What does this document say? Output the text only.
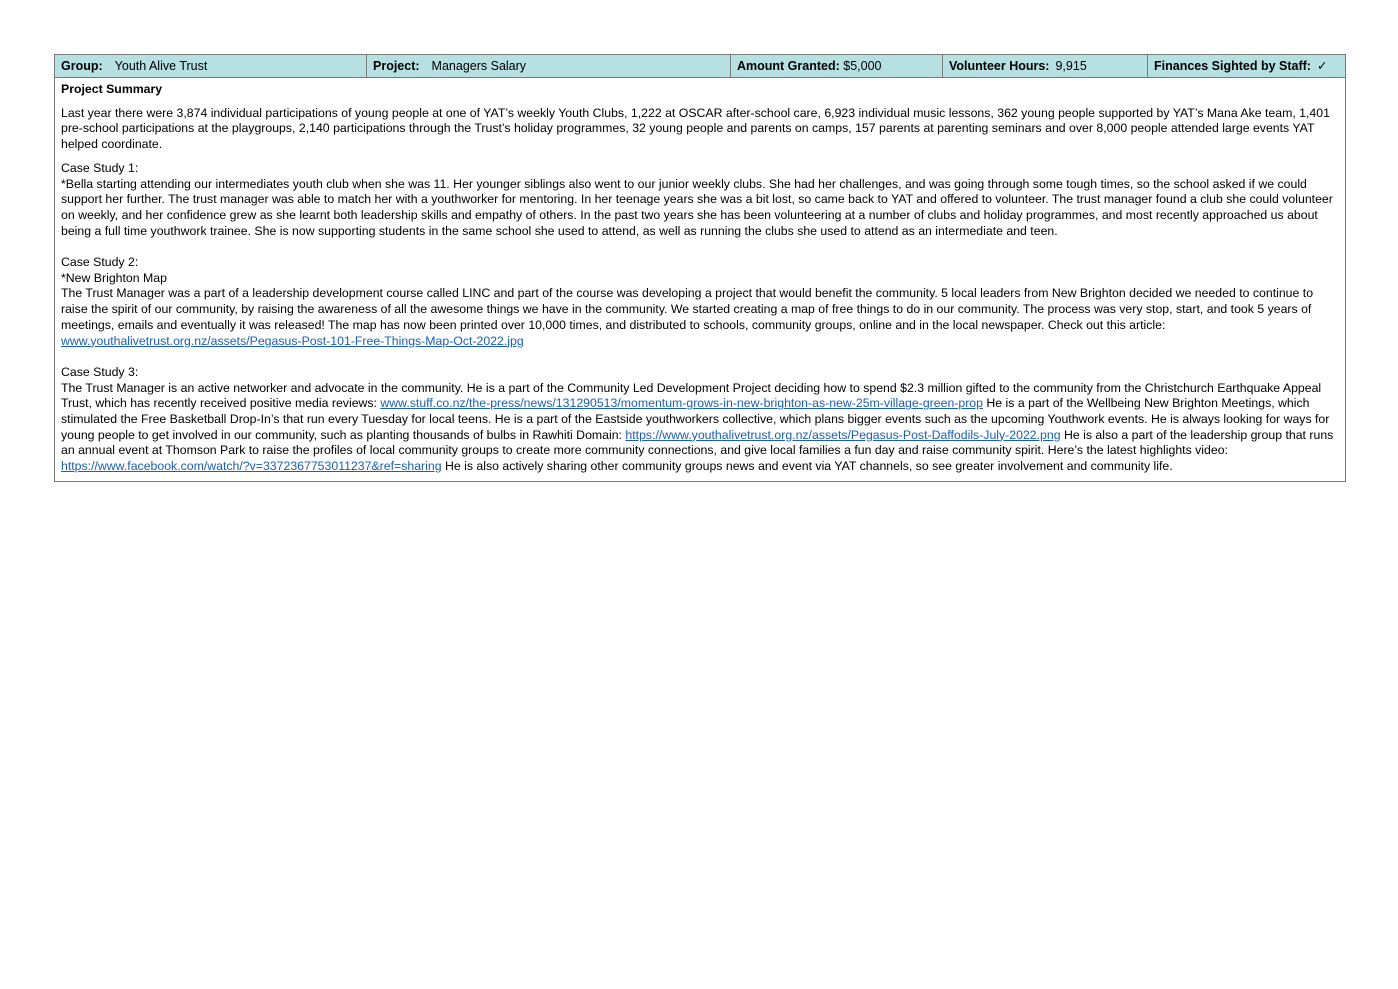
Group: Youth Alive Trust	Project: Managers Salary	Amount Granted: $5,000	Volunteer Hours: 9,915	Finances Sighted by Staff: ✓
Project Summary

Last year there were 3,874 individual participations of young people at one of YAT’s weekly Youth Clubs, 1,222 at OSCAR after-school care, 6,923 individual music lessons, 362 young people supported by YAT’s Mana Ake team, 1,401 pre-school participations at the playgroups, 2,140 participations through the Trust’s holiday programmes, 32 young people and parents on camps, 157 parents at parenting seminars and over 8,000 people attended large events YAT helped coordinate.

Case Study 1:

*Bella starting attending our intermediates youth club when she was 11. Her younger siblings also went to our junior weekly clubs. She had her challenges, and was going through some tough times, so the school asked if we could support her further. The trust manager was able to match her with a youthworker for mentoring. In her teenage years she was a bit lost, so came back to YAT and offered to volunteer. The trust manager found a club she could volunteer on weekly, and her confidence grew as she learnt both leadership skills and empathy of others. In the past two years she has been volunteering at a number of clubs and holiday programmes, and most recently approached us about being a full time youthwork trainee. She is now supporting students in the same school she used to attend, as well as running the clubs she used to attend as an intermediate and teen.

Case Study 2:

*New Brighton Map

The Trust Manager was a part of a leadership development course called LINC and part of the course was developing a project that would benefit the community. 5 local leaders from New Brighton decided we needed to continue to raise the spirit of our community, by raising the awareness of all the awesome things we have in the community. We started creating a map of free things to do in our community. The process was very stop, start, and took 5 years of meetings, emails and eventually it was released! The map has now been printed over 10,000 times, and distributed to schools, community groups, online and in the local newspaper. Check out this article:

www.youthalivetrust.org.nz/assets/Pegasus-Post-101-Free-Things-Map-Oct-2022.jpg

Case Study 3:

The Trust Manager is an active networker and advocate in the community. He is a part of the Community Led Development Project deciding how to spend $2.3 million gifted to the community from the Christchurch Earthquake Appeal Trust, which has recently received positive media reviews: www.stuff.co.nz/the-press/news/131290513/momentum-grows-in-new-brighton-as-new-25m-village-green-prop He is a part of the Wellbeing New Brighton Meetings, which stimulated the Free Basketball Drop-In’s that run every Tuesday for local teens. He is a part of the Eastside youthworkers collective, which plans bigger events such as the upcoming Youthwork events. He is always looking for ways for young people to get involved in our community, such as planting thousands of bulbs in Rawhiti Domain: https://www.youthalivetrust.org.nz/assets/Pegasus-Post-Daffodils-July-2022.png He is also a part of the leadership group that runs an annual event at Thomson Park to raise the profiles of local community groups to create more community connections, and give local families a fun day and raise community spirit. Here’s the latest highlights video: https://www.facebook.com/watch/?v=3372367753011237&ref=sharing He is also actively sharing other community groups news and event via YAT channels, so see greater involvement and community life.
